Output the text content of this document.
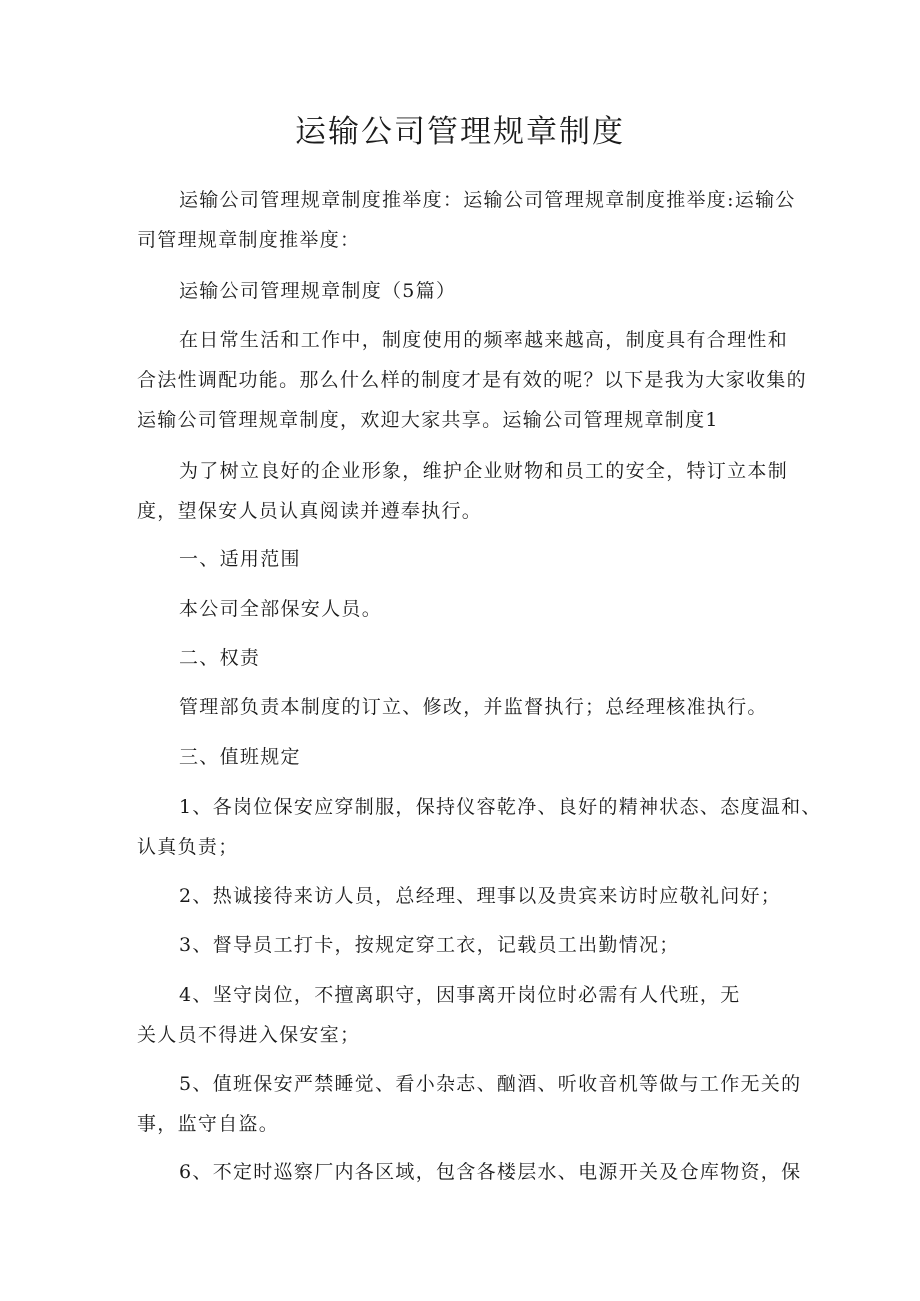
运输公司管理规章制度

运输公司管理规章制度推举度：运输公司管理规章制度推举度:运输公
司管理规章制度推举度：

运输公司管理规章制度（5篇）

在日常生活和工作中，制度使用的频率越来越高，制度具有合理性和
合法性调配功能。那么什么样的制度才是有效的呢？以下是我为大家收集的
运输公司管理规章制度，欢迎大家共享。运输公司管理规章制度1

为了树立良好的企业形象，维护企业财物和员工的安全，特订立本制
度，望保安人员认真阅读并遵奉执行。

一、适用范围

本公司全部保安人员。

二、权责

管理部负责本制度的订立、修改，并监督执行；总经理核准执行。

三、值班规定

1、各岗位保安应穿制服，保持仪容乾净、良好的精神状态、态度温和、
认真负责；

2、热诚接待来访人员，总经理、理事以及贵宾来访时应敬礼问好；

3、督导员工打卡，按规定穿工衣，记载员工出勤情况；

4、坚守岗位，不擅离职守，因事离开岗位时必需有人代班，无
关人员不得进入保安室；

5、值班保安严禁睡觉、看小杂志、酗酒、听收音机等做与工作无关的
事，监守自盗。

6、不定时巡察厂内各区域，包含各楼层水、电源开关及仓库物资，保
